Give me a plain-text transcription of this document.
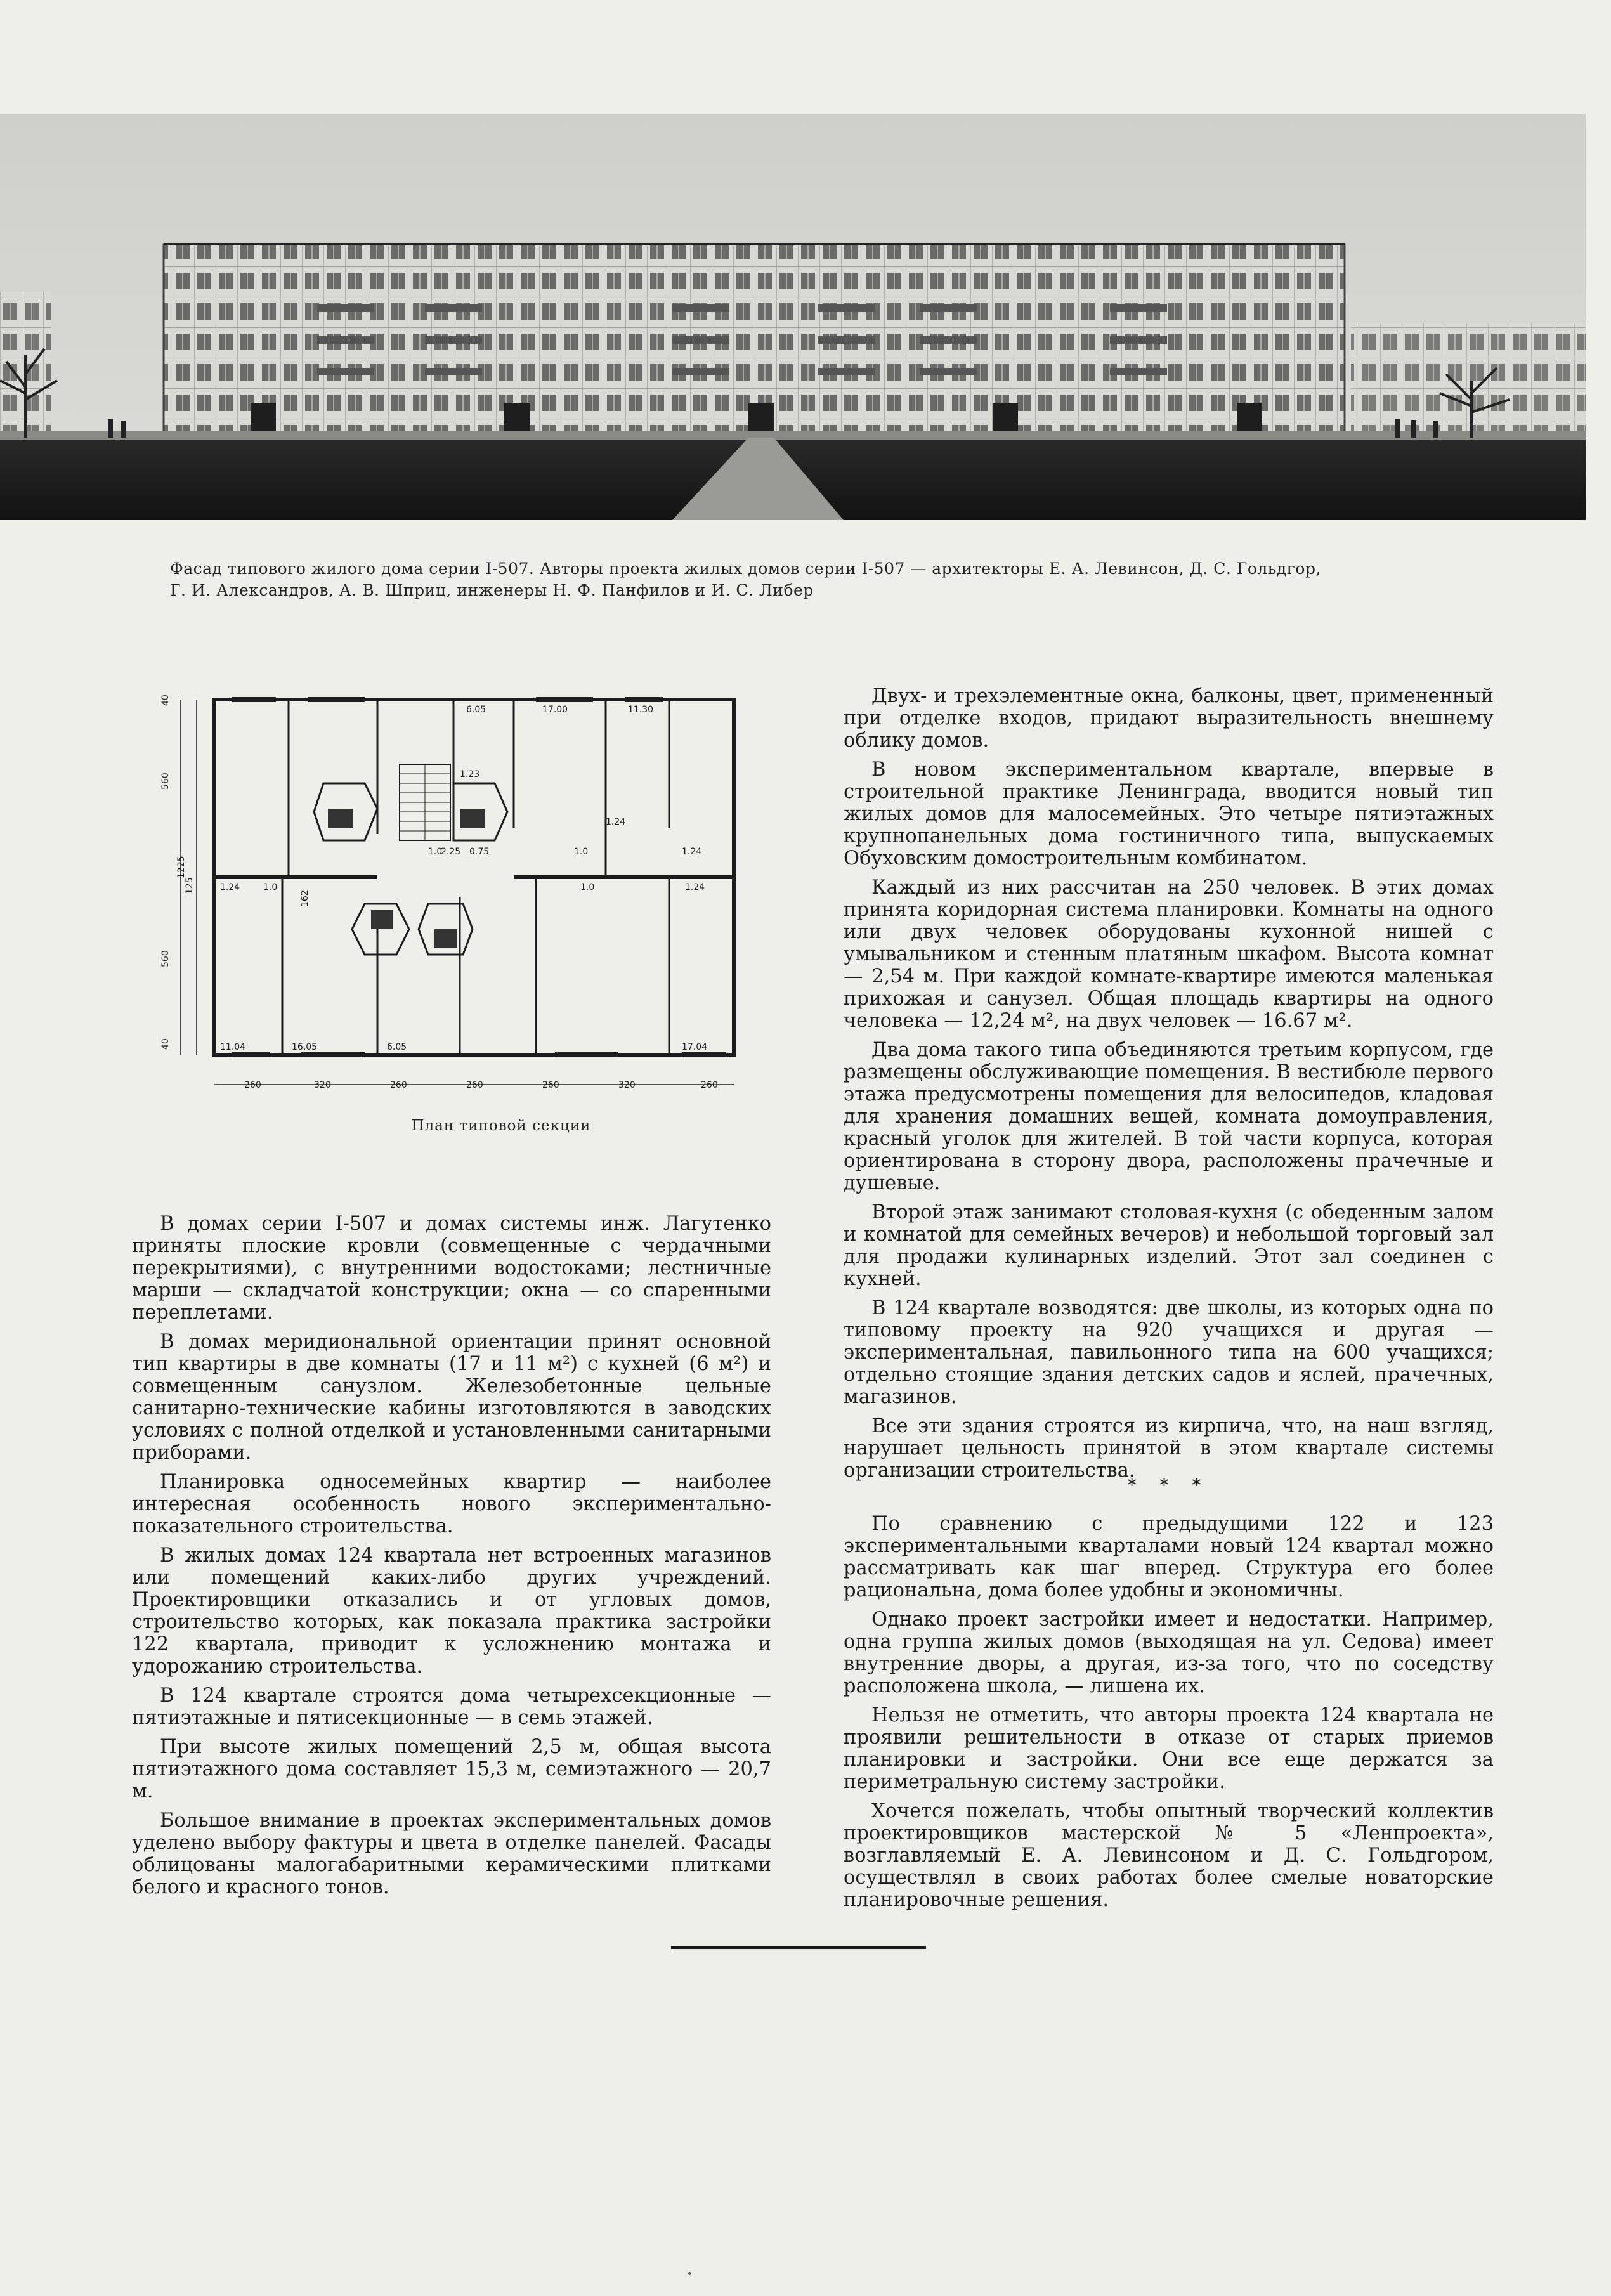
Фасад типового жилого дома серии I-507. Авторы проекта жилых домов серии I-507 — архитекторы Е. А. Левинсон, Д. С. Гольдгор,

Г. И. Александров, А. В. Шприц, инженеры Н. Ф. Панфилов и И. С. Либер

6.05	17.00	11.30
1.23
1.0
2.25 0.75	1.0
1.24
1.24	1.24
1.0	1.0
1.24
11.04	16.05	6.05	17.04
40
560
1225
125
560
40
260	320	260	260	260	320	260
162
План типовой секции

Двух- и трехэлементные окна, балконы, цвет, примененный при отделке входов, придают выразительность внешнему облику домов.

В новом экспериментальном квартале, впервые в строительной практике Ленинграда, вводится новый тип жилых домов для малосемейных. Это четыре пятиэтажных крупнопанельных дома гостиничного типа, выпускаемых Обуховским домостроительным комбинатом.

Каждый из них рассчитан на 250 человек. В этих домах принята коридорная система планировки. Комнаты на одного или двух человек оборудованы кухонной нишей с умывальником и стенным платяным шкафом. Высота комнат — 2,54 м. При каждой комнате-квартире имеются маленькая прихожая и санузел. Общая площадь квартиры на одного человека — 12,24 м², на двух человек — 16.67 м².

Два дома такого типа объединяются третьим корпусом, где размещены обслуживающие помещения. В вестибюле первого этажа предусмотрены помещения для велосипедов, кладовая для хранения домашних вещей, комната домоуправления, красный уголок для жителей. В той части корпуса, которая ориентирована в сторону двора, расположены прачечные и душевые.

Второй этаж занимают столовая-кухня (с обеденным залом и комнатой для семейных вечеров) и небольшой торговый зал для продажи кулинарных изделий. Этот зал соединен с кухней.

В 124 квартале возводятся: две школы, из которых одна по типовому проекту на 920 учащихся и другая — экспериментальная, павильонного типа на 600 учащихся; отдельно стоящие здания детских садов и яслей, прачечных, магазинов.

Все эти здания строятся из кирпича, что, на наш взгляд, нарушает цельность принятой в этом квартале системы организации строительства.

* * *

По сравнению с предыдущими 122 и 123 экспериментальными кварталами новый 124 квартал можно рассматривать как шаг вперед. Структура его более рациональна, дома более удобны и экономичны.

Однако проект застройки имеет и недостатки. Например, одна группа жилых домов (выходящая на ул. Седова) имеет внутренние дворы, а другая, из-за того, что по соседству расположена школа, — лишена их.

Нельзя не отметить, что авторы проекта 124 квартала не проявили решительности в отказе от старых приемов планировки и застройки. Они все еще держатся за периметральную систему застройки.

Хочется пожелать, чтобы опытный творческий коллектив проектировщиков мастерской № 5 «Ленпроекта», возглавляемый Е. А. Левинсоном и Д. С. Гольдгором, осуществлял в своих работах более смелые новаторские планировочные решения.

В домах серии I-507 и домах системы инж. Лагутенко приняты плоские кровли (совмещенные с чердачными перекрытиями), с внутренними водостоками; лестничные марши — складчатой конструкции; окна — со спаренными переплетами.

В домах меридиональной ориентации принят основной тип квартиры в две комнаты (17 и 11 м²) с кухней (6 м²) и совмещенным санузлом. Железобетонные цельные санитарно-технические кабины изготовляются в заводских условиях с полной отделкой и установленными санитарными приборами.

Планировка односемейных квартир — наиболее интересная особенность нового экспериментально-показательного строительства.

В жилых домах 124 квартала нет встроенных магазинов или помещений каких-либо других учреждений. Проектировщики отказались и от угловых домов, строительство которых, как показала практика застройки 122 квартала, приводит к усложнению монтажа и удорожанию строительства.

В 124 квартале строятся дома четырехсекционные — пятиэтажные и пятисекционные — в семь этажей.

При высоте жилых помещений 2,5 м, общая высота пятиэтажного дома составляет 15,3 м, семиэтажного — 20,7 м.

Большое внимание в проектах экспериментальных домов уделено выбору фактуры и цвета в отделке панелей. Фасады облицованы малогабаритными керамическими плитками белого и красного тонов.
